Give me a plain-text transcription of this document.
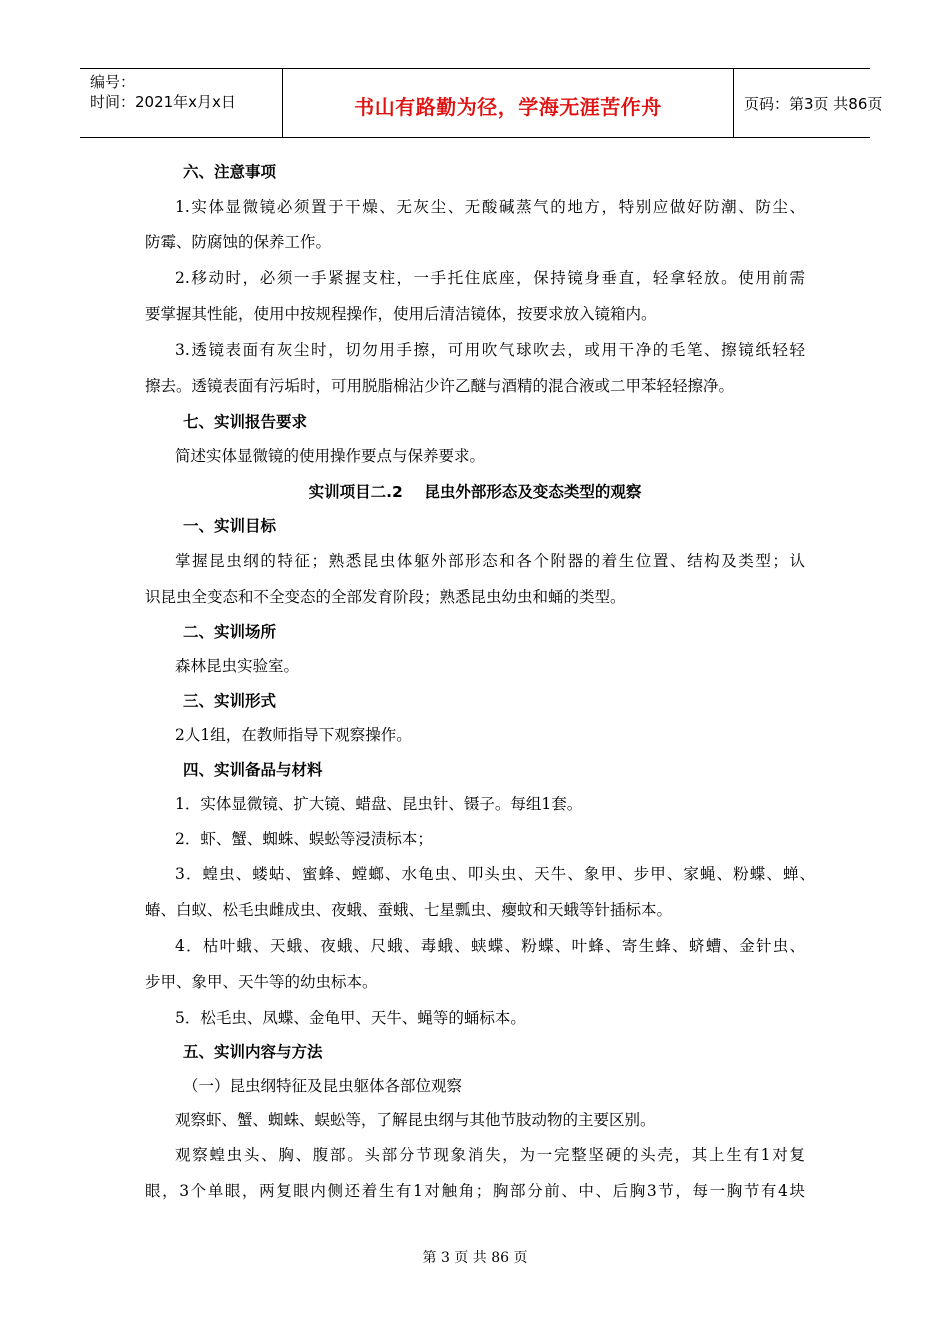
编号：
时间：2021年x月x日	书山有路勤为径，学海无涯苦作舟	页码：第3页 共86页
六、注意事项
1.实体显微镜必须置于干燥、无灰尘、无酸碱蒸气的地方，特别应做好防潮、防尘、
防霉、防腐蚀的保养工作。
2.移动时，必须一手紧握支柱，一手托住底座，保持镜身垂直，轻拿轻放。使用前需
要掌握其性能，使用中按规程操作，使用后清洁镜体，按要求放入镜箱内。
3.透镜表面有灰尘时，切勿用手擦，可用吹气球吹去，或用干净的毛笔、擦镜纸轻轻
擦去。透镜表面有污垢时，可用脱脂棉沾少许乙醚与酒精的混合液或二甲苯轻轻擦净。
七、实训报告要求
简述实体显微镜的使用操作要点与保养要求。
实训项目二.2    昆虫外部形态及变态类型的观察
一、实训目标
掌握昆虫纲的特征；熟悉昆虫体躯外部形态和各个附器的着生位置、结构及类型；认
识昆虫全变态和不全变态的全部发育阶段；熟悉昆虫幼虫和蛹的类型。
二、实训场所
森林昆虫实验室。
三、实训形式
2人1组，在教师指导下观察操作。
四、实训备品与材料
1．实体显微镜、扩大镜、蜡盘、昆虫针、镊子。每组1套。
2．虾、蟹、蜘蛛、蜈蚣等浸渍标本；
3．蝗虫、蝼蛄、蜜蜂、螳螂、水龟虫、叩头虫、天牛、象甲、步甲、家蝇、粉蝶、蝉、
蝽、白蚁、松毛虫雌成虫、夜蛾、蚕蛾、七星瓢虫、瘿蚊和天蛾等针插标本。
4．枯叶蛾、天蛾、夜蛾、尺蛾、毒蛾、蛱蝶、粉蝶、叶蜂、寄生蜂、蛴螬、金针虫、
步甲、象甲、天牛等的幼虫标本。
5．松毛虫、凤蝶、金龟甲、天牛、蝇等的蛹标本。
五、实训内容与方法
（一）昆虫纲特征及昆虫躯体各部位观察
观察虾、蟹、蜘蛛、蜈蚣等，了解昆虫纲与其他节肢动物的主要区别。
观察蝗虫头、胸、腹部。头部分节现象消失，为一完整坚硬的头壳，其上生有1对复
眼，3个单眼，两复眼内侧还着生有1对触角；胸部分前、中、后胸3节，每一胸节有4块
第 3 页 共 86 页
